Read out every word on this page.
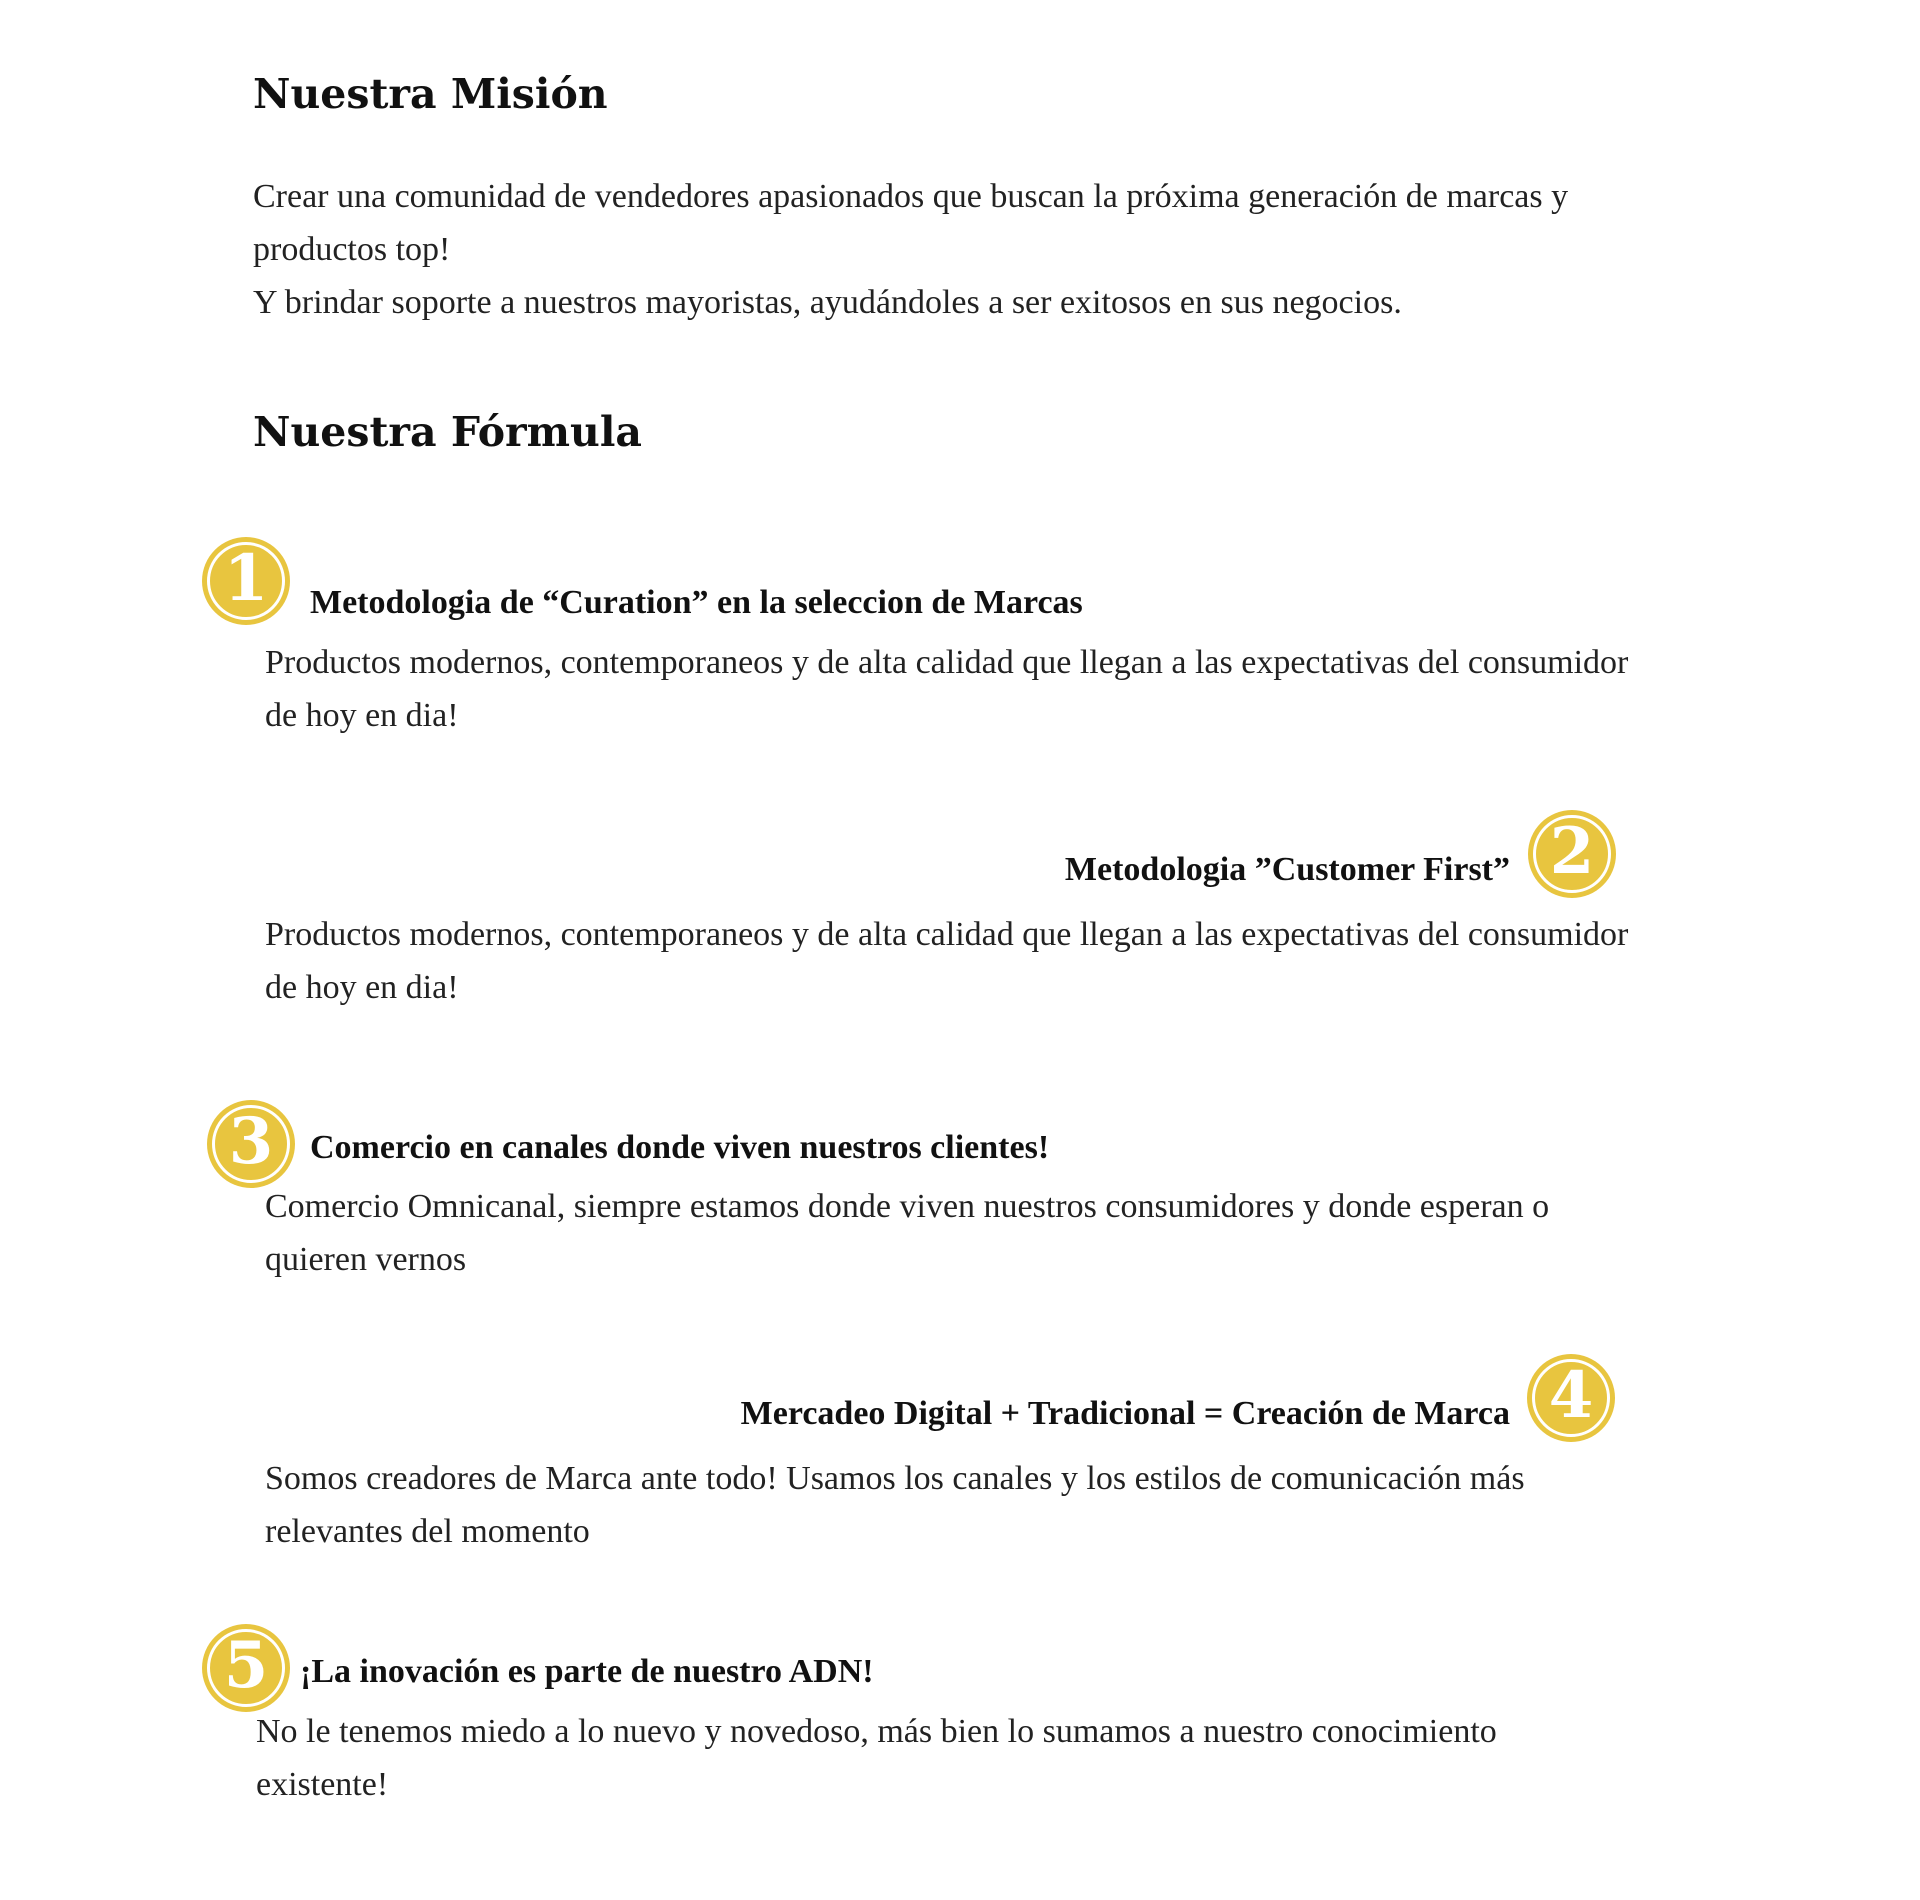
Nuestra Misión
Crear una comunidad de vendedores apasionados que buscan la próxima generación de marcas y
productos top!
Y brindar soporte a nuestros mayoristas, ayudándoles a ser exitosos en sus negocios.
Nuestra Fórmula
1 Metodologia de “Curation” en la seleccion de Marcas
Productos modernos, contemporaneos y de alta calidad que llegan a las expectativas del consumidor
de hoy en dia!
Metodologia ”Customer First” 2
Productos modernos, contemporaneos y de alta calidad que llegan a las expectativas del consumidor
de hoy en dia!
3 Comercio en canales donde viven nuestros clientes!
Comercio Omnicanal, siempre estamos donde viven nuestros consumidores y donde esperan o
quieren vernos
Mercadeo Digital + Tradicional = Creación de Marca 4
Somos creadores de Marca ante todo! Usamos los canales y los estilos de comunicación más
relevantes del momento
5 ¡La inovación es parte de nuestro ADN!
No le tenemos miedo a lo nuevo y novedoso, más bien lo sumamos a nuestro conocimiento
existente!
